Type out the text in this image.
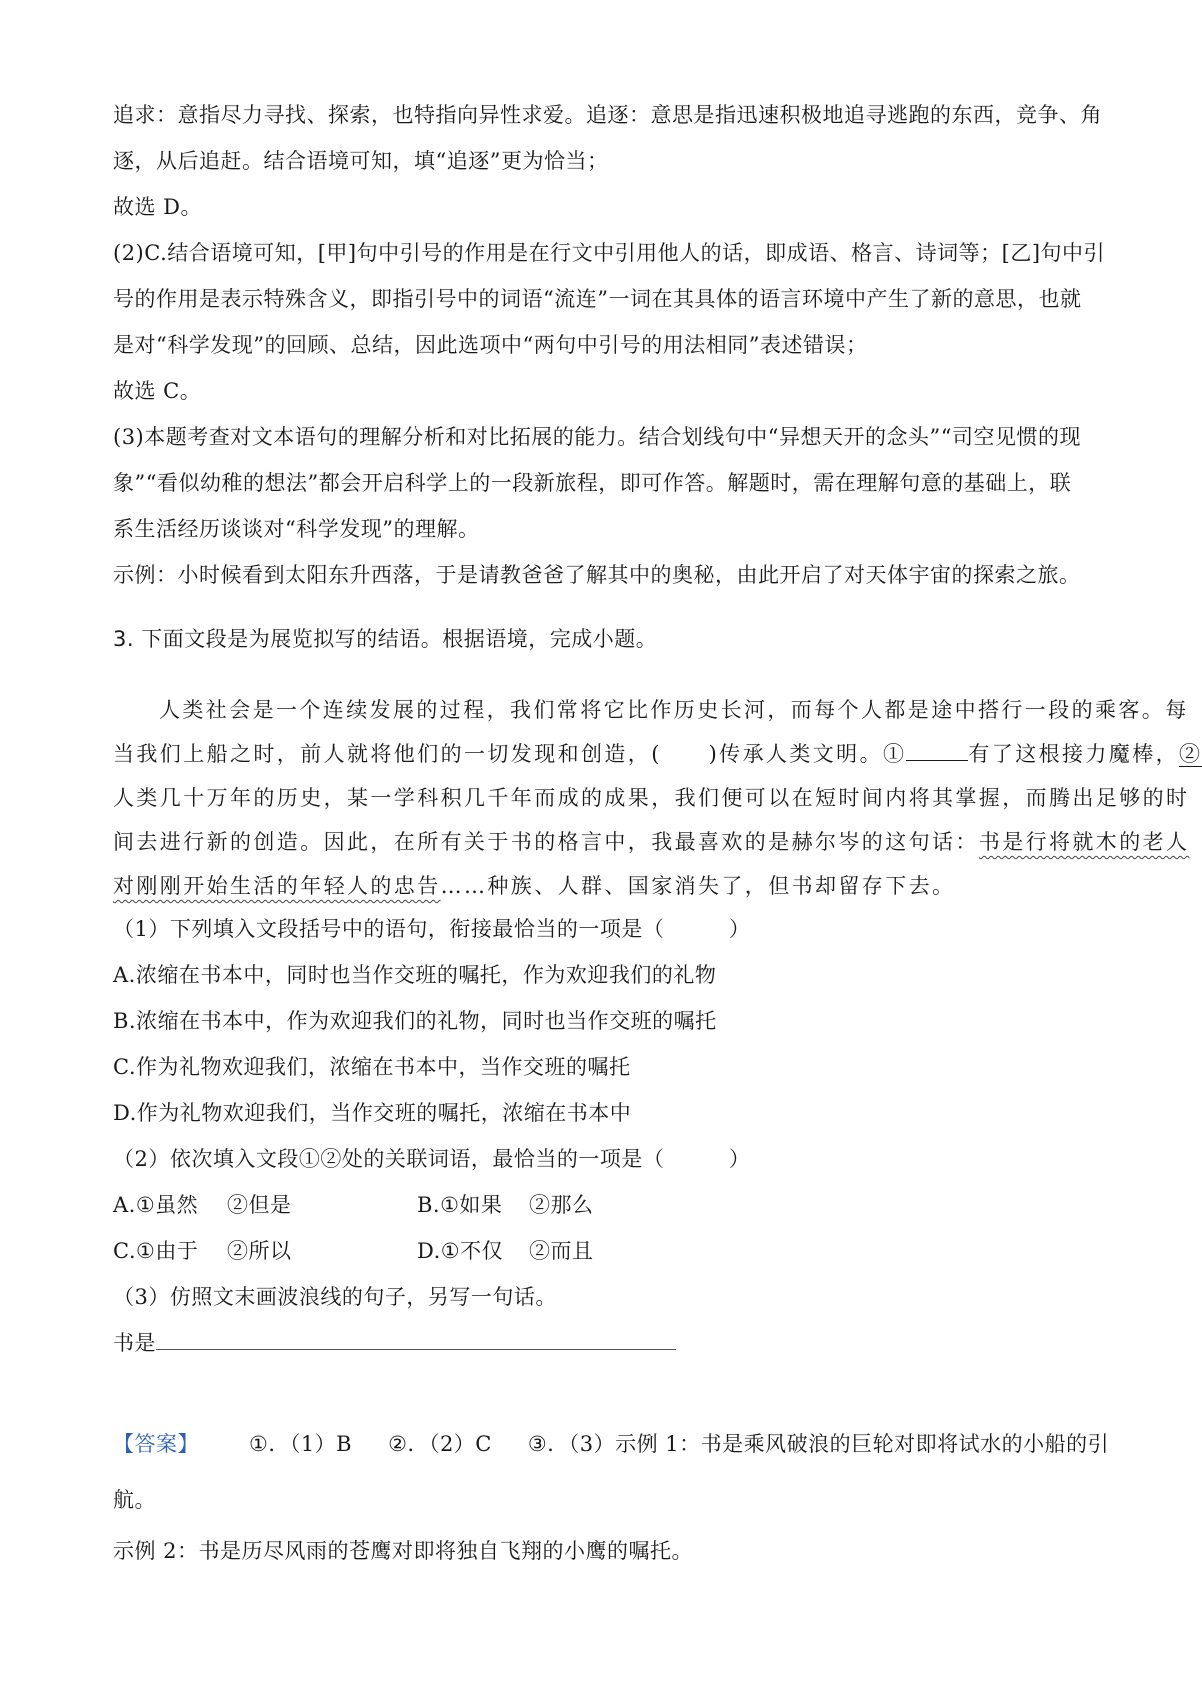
追求：意指尽力寻找、探索，也特指向异性求爱。追逐：意思是指迅速积极地追寻逃跑的东西，竞争、角
逐，从后追赶。结合语境可知，填“追逐”更为恰当；
故选 D。
(2)C.结合语境可知，[甲]句中引号的作用是在行文中引用他人的话，即成语、格言、诗词等；[乙]句中引
号的作用是表示特殊含义，即指引号中的词语“流连”一词在其具体的语言环境中产生了新的意思，也就
是对“科学发现”的回顾、总结，因此选项中“两句中引号的用法相同”表述错误；
故选 C。
(3)本题考查对文本语句的理解分析和对比拓展的能力。结合划线句中“异想天开的念头”“司空见惯的现
象”“看似幼稚的想法”都会开启科学上的一段新旅程，即可作答。解题时，需在理解句意的基础上，联
系生活经历谈谈对“科学发现”的理解。
示例：小时候看到太阳东升西落，于是请教爸爸了解其中的奥秘，由此开启了对天体宇宙的探索之旅。
3. 下面文段是为展览拟写的结语。根据语境，完成小题。
人类社会是一个连续发展的过程，我们常将它比作历史长河，而每个人都是途中搭行一段的乘客。每
当我们上船之时，前人就将他们的一切发现和创造，(　　)传承人类文明。①	有了这根接力魔棒，②
人类几十万年的历史，某一学科积几千年而成的成果，我们便可以在短时间内将其掌握，而腾出足够的时
间去进行新的创造。因此，在所有关于书的格言中，我最喜欢的是赫尔岑的这句话：书是行将就木的老人
对刚刚开始生活的年轻人的忠告……种族、人群、国家消失了，但书却留存下去。
（1）下列填入文段括号中的语句，衔接最恰当的一项是（　　　）
A.浓缩在书本中，同时也当作交班的嘱托，作为欢迎我们的礼物
B.浓缩在书本中，作为欢迎我们的礼物，同时也当作交班的嘱托
C.作为礼物欢迎我们，浓缩在书本中，当作交班的嘱托
D.作为礼物欢迎我们，当作交班的嘱托，浓缩在书本中
（2）依次填入文段①②处的关联词语，最恰当的一项是（　　　）
A.①虽然 ②但是	B.①如果 ②那么
C.①由于 ②所以	D.①不仅 ②而且
（3）仿照文末画波浪线的句子，另写一句话。
书是
【答案】 ①．（1）B ②．（2）C ③．（3）示例 1：书是乘风破浪的巨轮对即将试水的小船的引
航。
示例 2：书是历尽风雨的苍鹰对即将独自飞翔的小鹰的嘱托。
